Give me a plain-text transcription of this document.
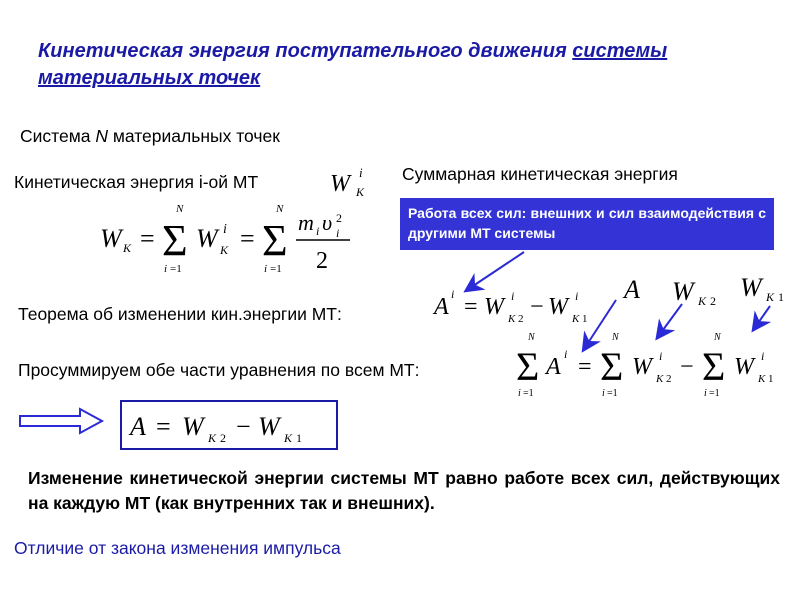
Кинетическая энергия поступательного движения системы
материальных точек
Система N материальных точек
Кинетическая энергия i-ой МТ	W K
i Суммарная кинетическая энергия
W K = Σ
N
i =1
W K
i = Σ
N
i =1
m i υ 2
i
2
Работа всех сил: внешних и сил взаимодействия с другими МТ системы
Теорема об изменении кин.энергии МТ:	A i = W K 2
i − W K 1
i A W K 2 W K 1
Просуммируем обе части уравнения по всем МТ: Σ
N
i =1
A i = Σ
N
i =1
W K 2
i − Σ
N
i =1
W K 1
i
A = W K 2 − W K 1
Изменение кинетической энергии системы МТ равно работе всех сил, действующих на каждую МТ (как внутренних так и внешних).
Отличие от закона изменения импульса
